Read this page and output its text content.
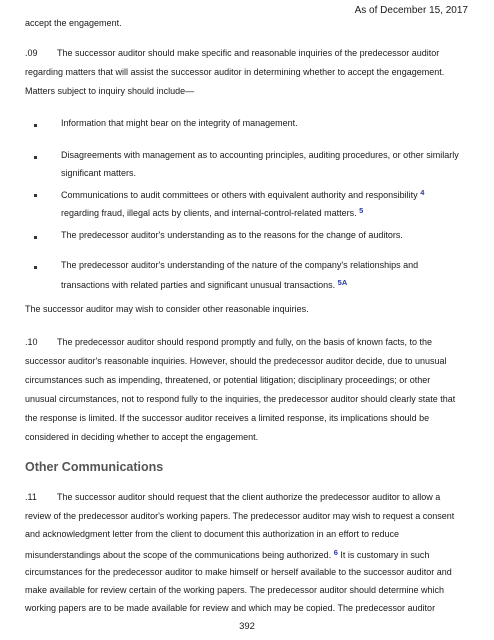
As of December 15, 2017
accept the engagement.
.09 The successor auditor should make specific and reasonable inquiries of the predecessor auditor
regarding matters that will assist the successor auditor in determining whether to accept the engagement.
Matters subject to inquiry should include—
Information that might bear on the integrity of management.
Disagreements with management as to accounting principles, auditing procedures, or other similarly
significant matters.
Communications to audit committees or others with equivalent authority and responsibility $^4$
regarding fraud, illegal acts by clients, and internal-control-related matters. $^5$
The predecessor auditor's understanding as to the reasons for the change of auditors.
The predecessor auditor's understanding of the nature of the company's relationships and
transactions with related parties and significant unusual transactions. $^{5A}$
The successor auditor may wish to consider other reasonable inquiries.
.10 The predecessor auditor should respond promptly and fully, on the basis of known facts, to the
successor auditor's reasonable inquiries. However, should the predecessor auditor decide, due to unusual
circumstances such as impending, threatened, or potential litigation; disciplinary proceedings; or other
unusual circumstances, not to respond fully to the inquiries, the predecessor auditor should clearly state that
the response is limited. If the successor auditor receives a limited response, its implications should be
considered in deciding whether to accept the engagement.
Other Communications
.11 The successor auditor should request that the client authorize the predecessor auditor to allow a
review of the predecessor auditor's working papers. The predecessor auditor may wish to request a consent
and acknowledgment letter from the client to document this authorization in an effort to reduce
misunderstandings about the scope of the communications being authorized. $^6$ It is customary in such
circumstances for the predecessor auditor to make himself or herself available to the successor auditor and
make available for review certain of the working papers. The predecessor auditor should determine which
working papers are to be made available for review and which may be copied. The predecessor auditor
392
